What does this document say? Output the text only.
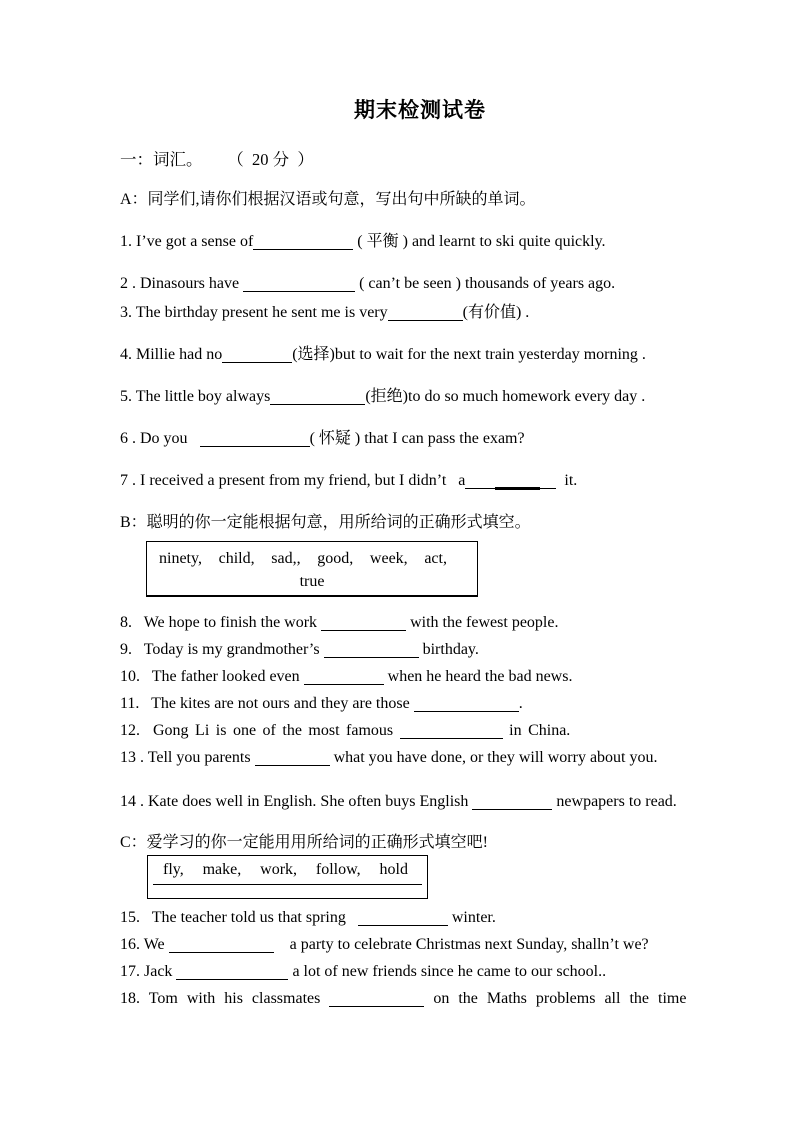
期末检测试卷
一：词汇。      （  20 分  ）
A：同学们,请你们根据汉语或句意，写出句中所缺的单词。
1. I’ve got a sense of	( 平衡 ) and learnt to ski quite quickly.
2 . Dinasours have	( can’t be seen ) thousands of years ago.
3. The birthday present he sent me is very	(有价值) .
4. Millie had no	(选择)but to wait for the next train yesterday morning .
5. The little boy always	(拒绝)to do so much homework every day .
6 . Do you	( 怀疑 ) that I can pass the exam?
7 . I received a present from my friend, but I didn’t   a	it.
B：聪明的你一定能根据句意，用所给词的正确形式填空。
ninety, child, sad,, good, week, act,
true
8.   We hope to finish the work	with the fewest people.
9.   Today is my grandmother’s	birthday.
10.   The father looked even	when he heard the bad news.
11.   The kites are not ours and they are those	.
12.  Gong Li is one of the most famous	in China.
13 . Tell you parents	what you have done, or they will worry about you.
14 . Kate does well in English. She often buys English	newpapers to read.
C：爱学习的你一定能用用所给词的正确形式填空吧!
fly, make, work, follow, hold
15.   The teacher told us that spring	winter.
16. We	a party to celebrate Christmas next Sunday, shalln’t we?
17. Jack	a lot of new friends since he came to our school..
18. Tom with his classmates	on the Maths problems all the time
